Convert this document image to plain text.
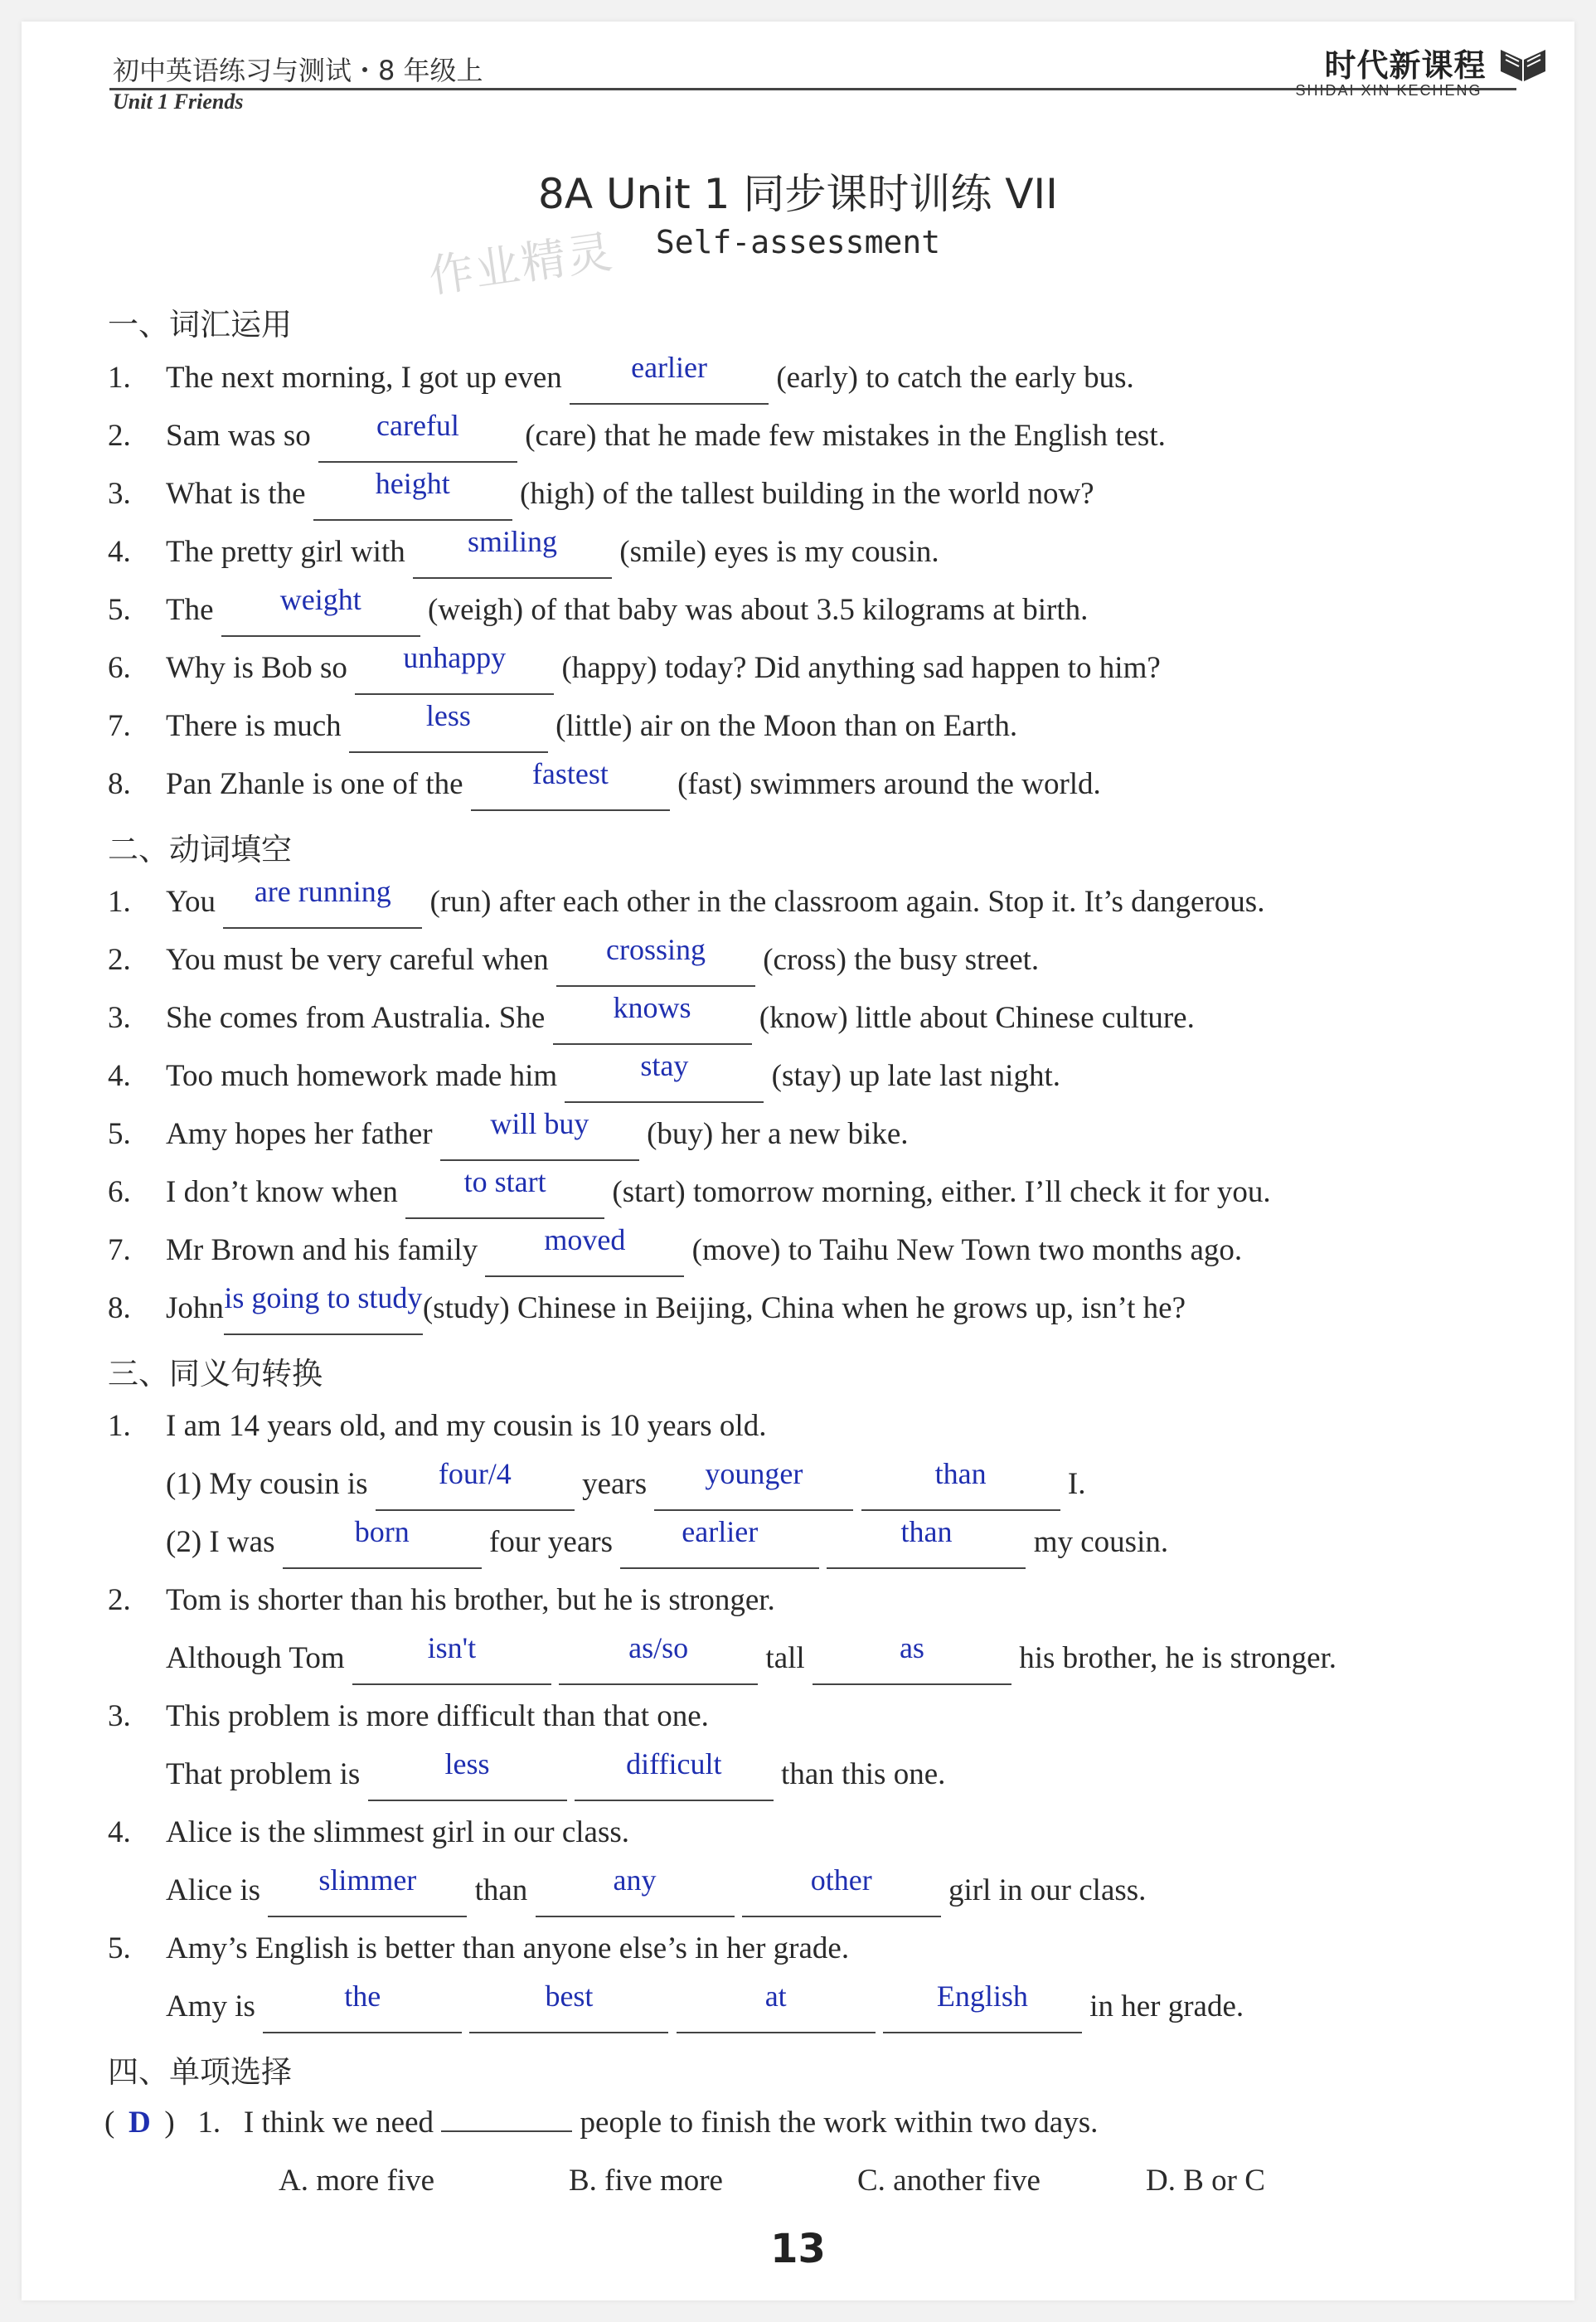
初中英语练习与测试・8 年级上
Unit 1 Friends
时代新课程
SHIDAI XIN KECHENG
8A Unit 1 同步课时训练 VII
Self-assessment
作业精灵
一、词汇运用
1. The next morning, I got up even earlier (early) to catch the early bus.
2. Sam was so careful (care) that he made few mistakes in the English test.
3. What is the height (high) of the tallest building in the world now?
4. The pretty girl with smiling (smile) eyes is my cousin.
5. The weight (weigh) of that baby was about 3.5 kilograms at birth.
6. Why is Bob so unhappy (happy) today? Did anything sad happen to him?
7. There is much	less	(little) air on the Moon than on Earth.
8. Pan Zhanle is one of the fastest (fast) swimmers around the world.
二、动词填空
1. You are running (run) after each other in the classroom again. Stop it. It’s dangerous.
2. You must be very careful when crossing (cross) the busy street.
3. She comes from Australia. She knows (know) little about Chinese culture.
4. Too much homework made him	stay (stay) up late last night.
5. Amy hopes her father will buy (buy) her a new bike.
6. I don’t know when to start (start) tomorrow morning, either. I’ll check it for you.
7. Mr Brown and his family moved (move) to Taihu New Town two months ago.
8. Johnis going to study(study) Chinese in Beijing, China when he grows up, isn’t he?
三、同义句转换
1. I am 14 years old, and my cousin is 10 years old.
(1) My cousin is four/4 years younger	than I.
(2) I was born four years earlier	than my cousin.
2. Tom is shorter than his brother, but he is stronger.
Although Tom	isn't	as/so tall	as	his brother, he is stronger.
3. This problem is more difficult than that one.
That problem is	less	difficult than this one.
4. Alice is the slimmest girl in our class.
Alice is slimmer than	any	other girl in our class.
5. Amy’s English is better than anyone else’s in her grade.
Amy is	the	best	at	English in her grade.
四、单项选择
( D ) 1. I think we need	people to finish the work within two days.
A. more five	B. five more	C. another five	D. B or C
13
